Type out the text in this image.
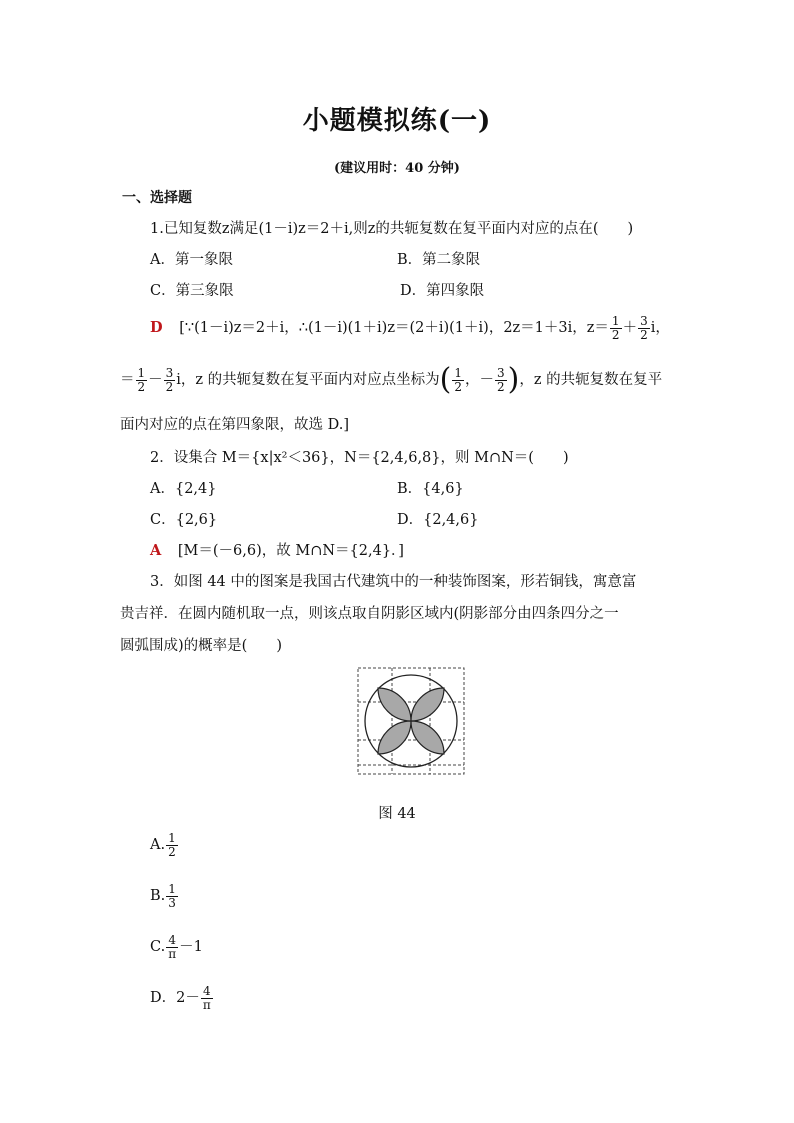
小题模拟练(一)
(建议用时：40 分钟)
一、选择题
1.已知复数z满足(1－i)z＝2＋i,则z的共轭复数在复平面内对应的点在(　　)
A．第一象限	B．第二象限
C．第三象限	D．第四象限
D [∵(1－i)z＝2＋i，∴(1－i)(1＋i)z＝(2＋i)(1＋i)，2z＝1＋3i，$z= \frac{1}{2} + \frac{3}{2}$ i，
＝ $\frac{1}{2} - \frac{3}{2}$ i，z 的共轭复数在复平面内对应点坐标为( $\frac{1}{2}$ ，－ $\frac{3}{2}$ )，z 的共轭复数在复平
面内对应的点在第四象限，故选 D.]
2．设集合 M＝{x|x²＜36}，N＝{2,4,6,8}，则 M∩N＝(　　)
A．{2,4}	B．{4,6}
C．{2,6}	D．{2,4,6}
A [M＝(－6,6)，故 M∩N＝{2,4}．]
3．如图 44 中的图案是我国古代建筑中的一种装饰图案，形若铜钱，寓意富
贵吉祥．在圆内随机取一点，则该点取自阴影区域内(阴影部分由四条四分之一
圆弧围成)的概率是(　　)
图 44
A. $\frac{1}{2}$
B. $\frac{1}{3}$
C. $\frac{4}{\pi} -1$
D．$2- \frac{4}{\pi}$
